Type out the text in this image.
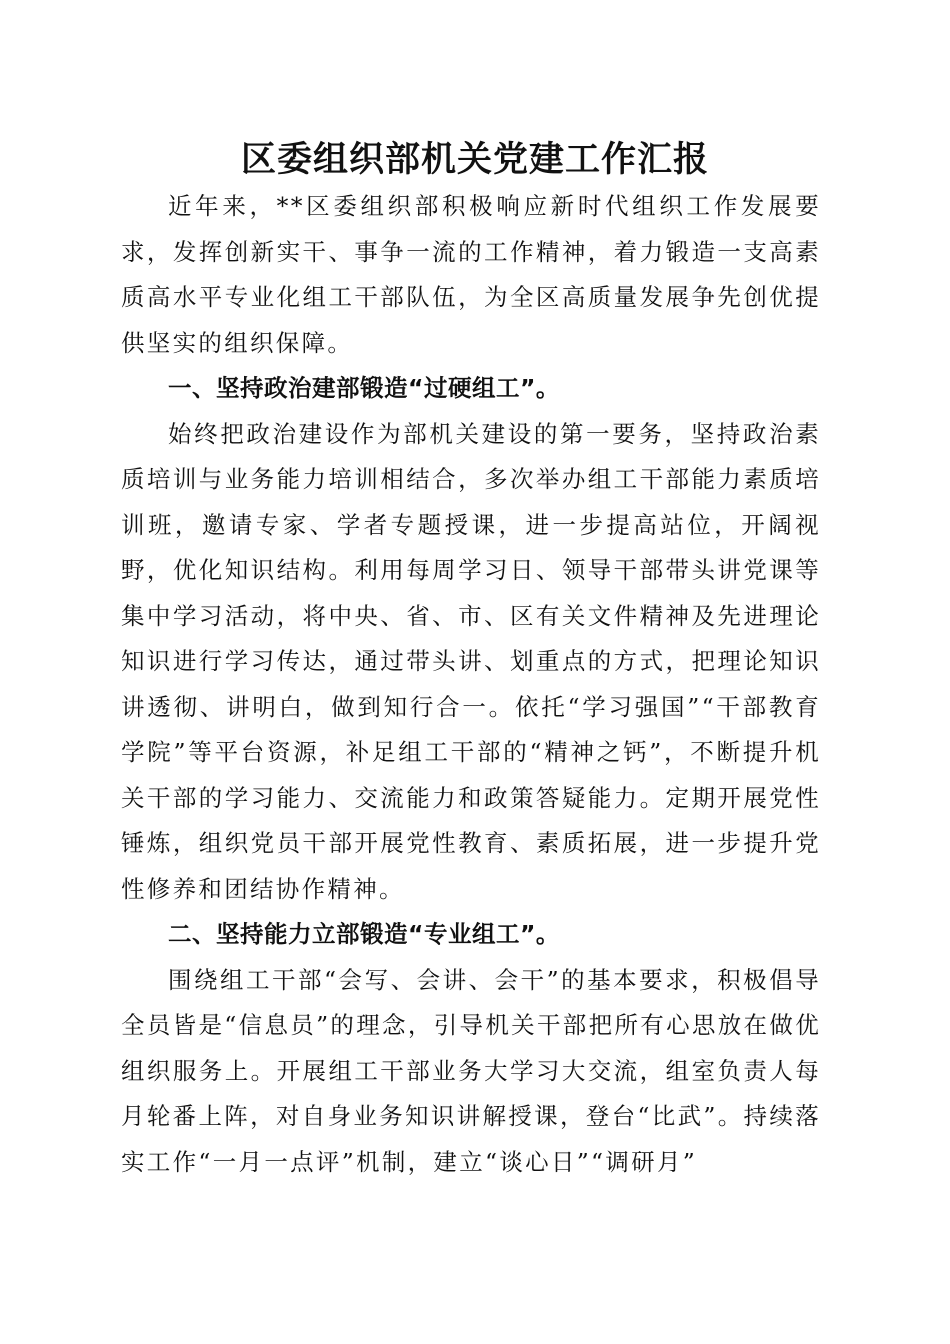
区委组织部机关党建工作汇报

近年来，**区委组织部积极响应新时代组织工作发展要求，发挥创新实干、事争一流的工作精神，着力锻造一支高素质高水平专业化组工干部队伍，为全区高质量发展争先创优提供坚实的组织保障。

一、坚持政治建部锻造“过硬组工”。

始终把政治建设作为部机关建设的第一要务，坚持政治素质培训与业务能力培训相结合，多次举办组工干部能力素质培训班，邀请专家、学者专题授课，进一步提高站位，开阔视野，优化知识结构。利用每周学习日、领导干部带头讲党课等集中学习活动，将中央、省、市、区有关文件精神及先进理论知识进行学习传达，通过带头讲、划重点的方式，把理论知识讲透彻、讲明白，做到知行合一。依托“学习强国”“干部教育学院”等平台资源，补足组工干部的“精神之钙”，不断提升机关干部的学习能力、交流能力和政策答疑能力。定期开展党性锤炼，组织党员干部开展党性教育、素质拓展，进一步提升党性修养和团结协作精神。

二、坚持能力立部锻造“专业组工”。

围绕组工干部“会写、会讲、会干”的基本要求，积极倡导全员皆是“信息员”的理念，引导机关干部把所有心思放在做优组织服务上。开展组工干部业务大学习大交流，组室负责人每月轮番上阵，对自身业务知识讲解授课，登台“比武”。持续落实工作“一月一点评”机制，建立“谈心日”“调研月”
